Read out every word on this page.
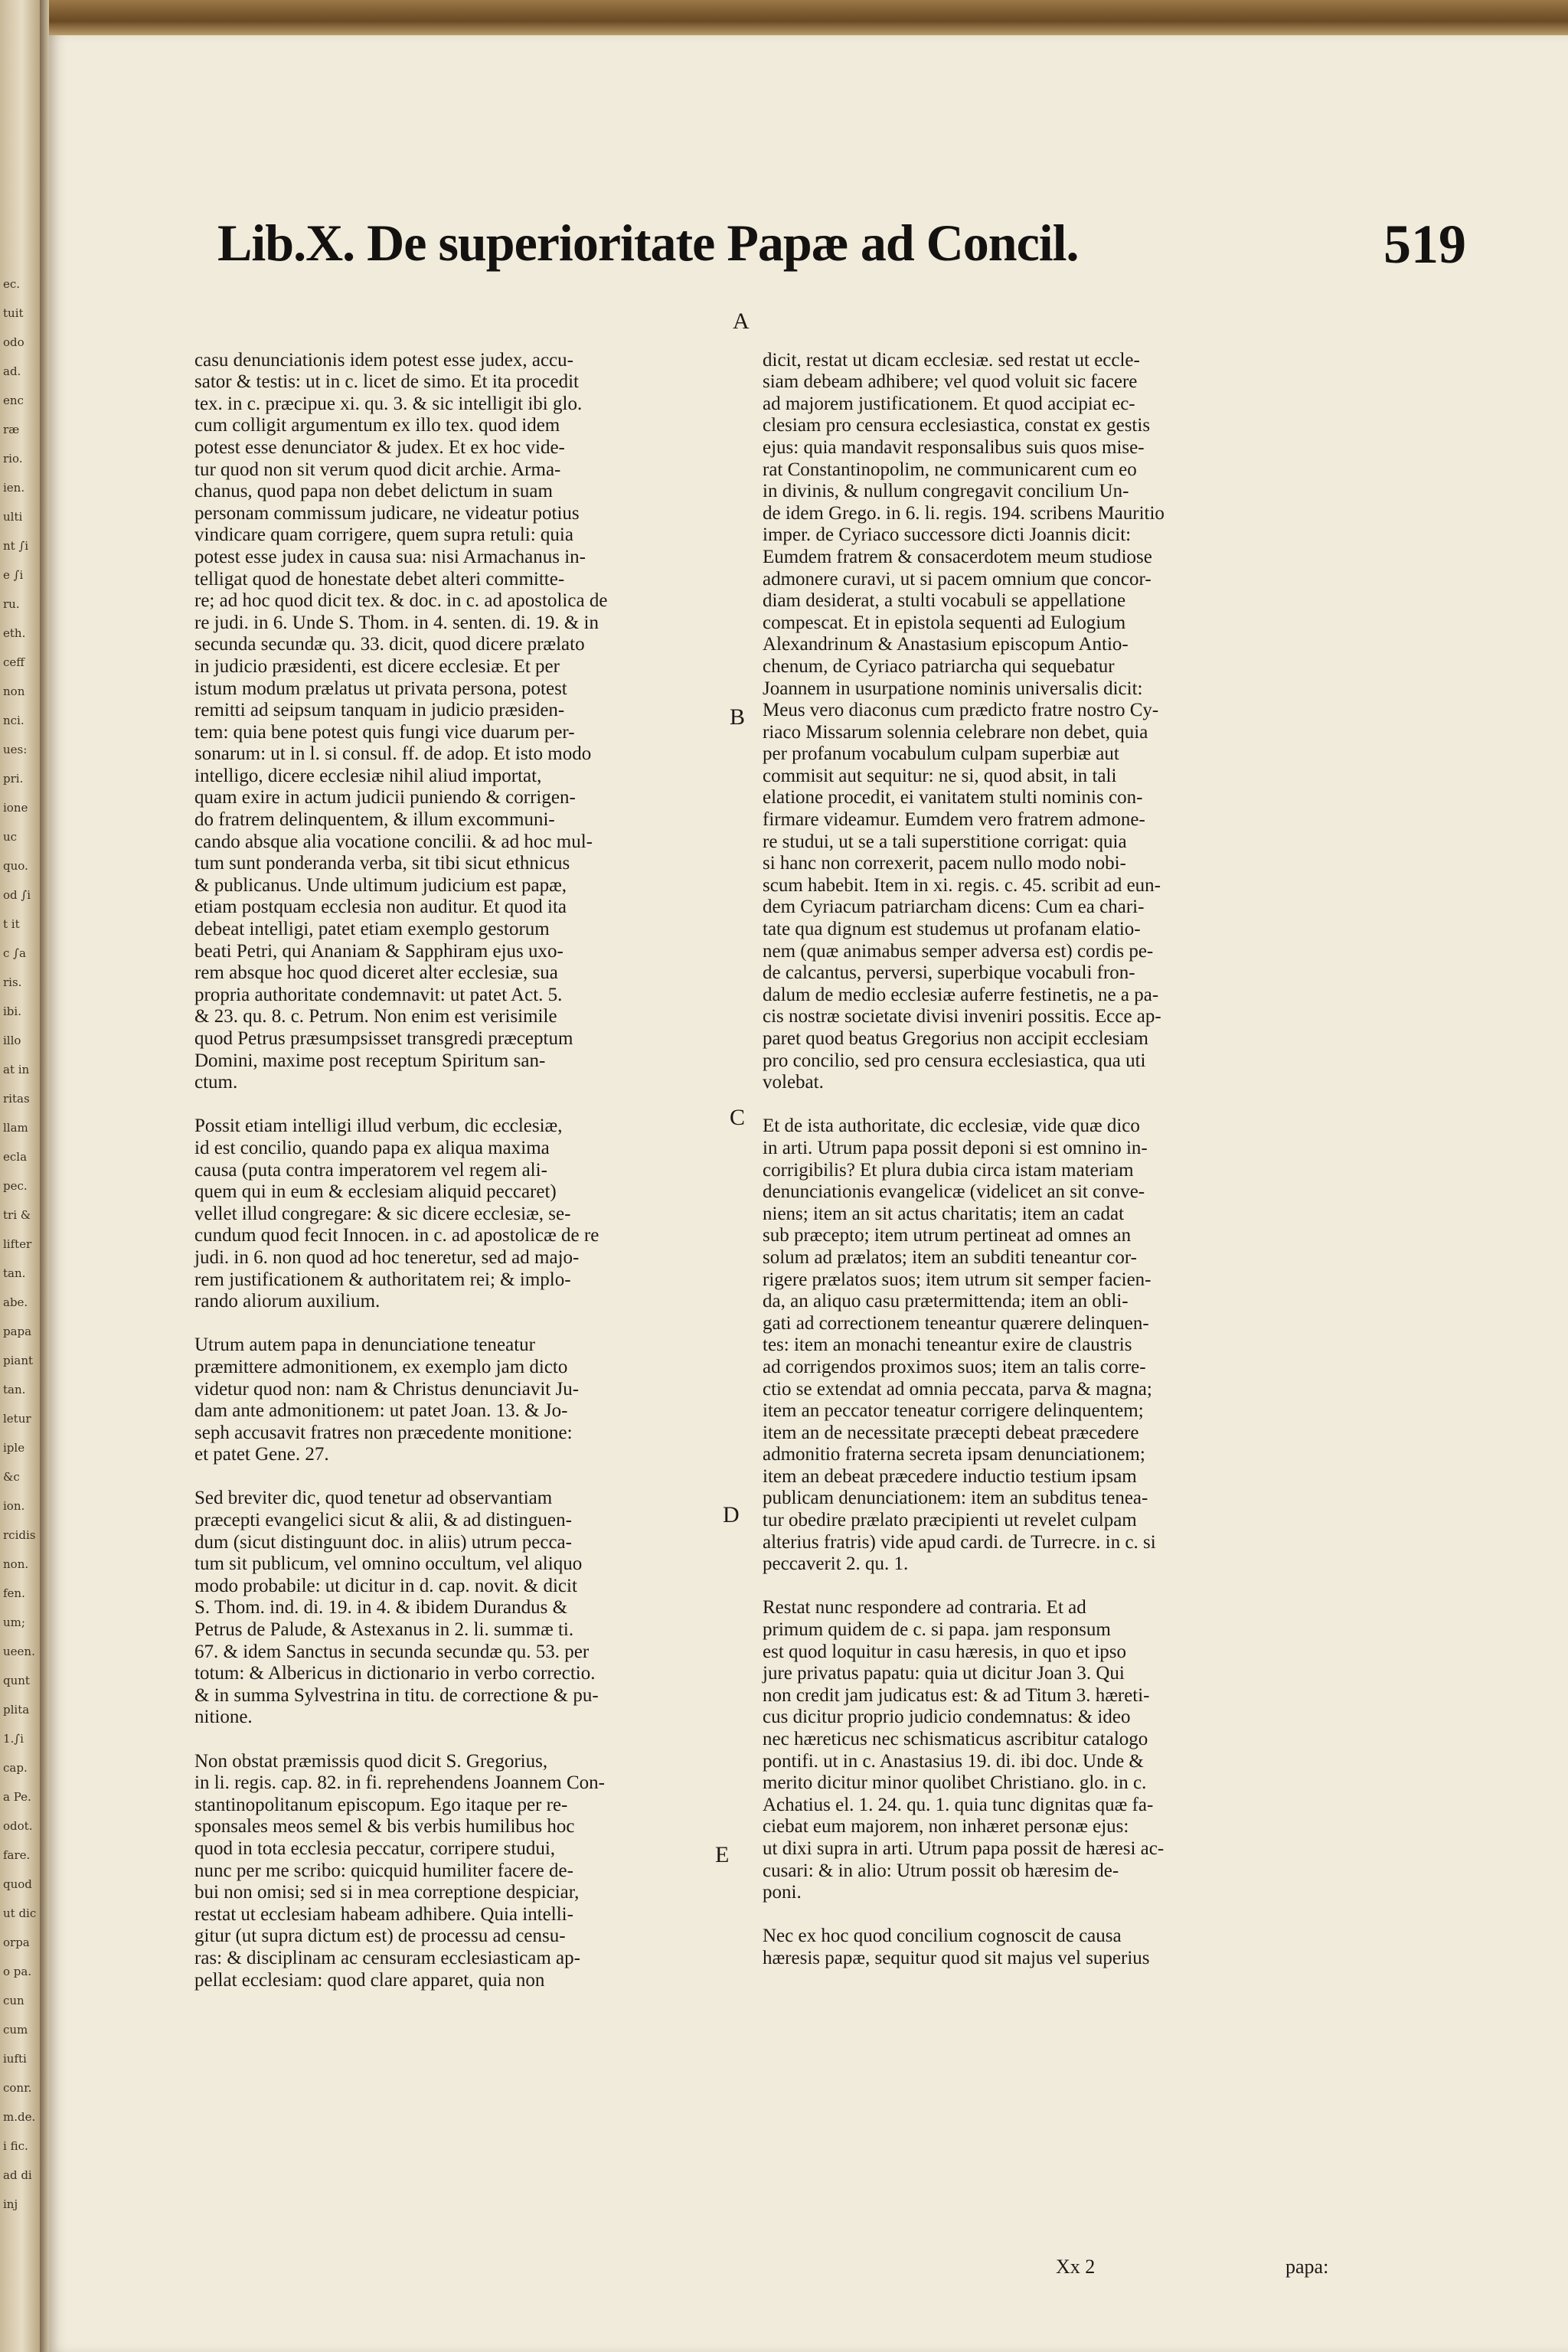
ec.
tuit
odo
ad.
enc
ræ
rio.
ien.
ulti
nt ∫i
e ∫i
ru.
eth.
ceff
non
nci.
ues:
pri.
ione
uc
quo.
od ∫i
t it
c ∫a
ris.
ibi.
illo
at in
ritas
llam
ecla
pec.
tri &
lifter
tan.
abe.
papa
piant
tan.
letur
iple
&c
ion.
rcidis
non.
fen.
um;
ueen.
qunt
plita
1.∫i
cap.
a Pe.
odot.
fare.
quod
ut dic
orpa
o pa.
cun
cum
iufti
conr.
m.de.
i fic.
ad di
inj
Lib.X. De superioritate Papæ ad Concil.	519

casu denunciationis idem potest esse judex, accu-
sator & testis: ut in c. licet de simo. Et ita procedit
tex. in c. præcipue xi. qu. 3. & sic intelligit ibi glo.
cum colligit argumentum ex illo tex. quod idem
potest esse denunciator & judex. Et ex hoc vide-
tur quod non sit verum quod dicit archie. Arma-
chanus, quod papa non debet delictum in suam
personam commissum judicare, ne videatur potius
vindicare quam corrigere, quem supra retuli: quia
potest esse judex in causa sua: nisi Armachanus in-
telligat quod de honestate debet alteri committe-
re; ad hoc quod dicit tex. & doc. in c. ad apostolica de
re judi. in 6. Unde S. Thom. in 4. senten. di. 19. & in
secunda secundæ qu. 33. dicit, quod dicere prælato
in judicio præsidenti, est dicere ecclesiæ. Et per
istum modum prælatus ut privata persona, potest
remitti ad seipsum tanquam in judicio præsiden-
tem: quia bene potest quis fungi vice duarum per-
sonarum: ut in l. si consul. ff. de adop. Et isto modo
intelligo, dicere ecclesiæ nihil aliud importat,
quam exire in actum judicii puniendo & corrigen-
do fratrem delinquentem, & illum excommuni-
cando absque alia vocatione concilii. & ad hoc mul-
tum sunt ponderanda verba, sit tibi sicut ethnicus
& publicanus. Unde ultimum judicium est papæ,
etiam postquam ecclesia non auditur. Et quod ita
debeat intelligi, patet etiam exemplo gestorum
beati Petri, qui Ananiam & Sapphiram ejus uxo-
rem absque hoc quod diceret alter ecclesiæ, sua
propria authoritate condemnavit: ut patet Act. 5.
& 23. qu. 8. c. Petrum. Non enim est verisimile
quod Petrus præsumpsisset transgredi præceptum
Domini, maxime post receptum Spiritum san-
ctum.

Possit etiam intelligi illud verbum, dic ecclesiæ,
id est concilio, quando papa ex aliqua maxima
causa (puta contra imperatorem vel regem ali-
quem qui in eum & ecclesiam aliquid peccaret)
vellet illud congregare: & sic dicere ecclesiæ, se-
cundum quod fecit Innocen. in c. ad apostolicæ de re
judi. in 6. non quod ad hoc teneretur, sed ad majo-
rem justificationem & authoritatem rei; & implo-
rando aliorum auxilium.

Utrum autem papa in denunciatione teneatur
præmittere admonitionem, ex exemplo jam dicto
videtur quod non: nam & Christus denunciavit Ju-
dam ante admonitionem: ut patet Joan. 13. & Jo-
seph accusavit fratres non præcedente monitione:
et patet Gene. 27.

Sed breviter dic, quod tenetur ad observantiam
præcepti evangelici sicut & alii, & ad distinguen-
dum (sicut distinguunt doc. in aliis) utrum pecca-
tum sit publicum, vel omnino occultum, vel aliquo
modo probabile: ut dicitur in d. cap. novit. & dicit
S. Thom. ind. di. 19. in 4. & ibidem Durandus &
Petrus de Palude, & Astexanus in 2. li. summæ ti.
67. & idem Sanctus in secunda secundæ qu. 53. per
totum: & Albericus in dictionario in verbo correctio.
& in summa Sylvestrina in titu. de correctione & pu-
nitione.

Non obstat præmissis quod dicit S. Gregorius,
in li. regis. cap. 82. in fi. reprehendens Joannem Con-
stantinopolitanum episcopum. Ego itaque per re-
sponsales meos semel & bis verbis humilibus hoc
quod in tota ecclesia peccatur, corripere studui,
nunc per me scribo: quicquid humiliter facere de-
bui non omisi; sed si in mea correptione despiciar,
restat ut ecclesiam habeam adhibere. Quia intelli-
gitur (ut supra dictum est) de processu ad censu-
ras: & disciplinam ac censuram ecclesiasticam ap-
pellat ecclesiam: quod clare apparet, quia non

A
B
C
D
E

dicit, restat ut dicam ecclesiæ. sed restat ut eccle-
siam debeam adhibere; vel quod voluit sic facere
ad majorem justificationem. Et quod accipiat ec-
clesiam pro censura ecclesiastica, constat ex gestis
ejus: quia mandavit responsalibus suis quos mise-
rat Constantinopolim, ne communicarent cum eo
in divinis, & nullum congregavit concilium Un-
de idem Grego. in 6. li. regis. 194. scribens Mauritio
imper. de Cyriaco successore dicti Joannis dicit:
Eumdem fratrem & consacerdotem meum studiose
admonere curavi, ut si pacem omnium que concor-
diam desiderat, a stulti vocabuli se appellatione
compescat. Et in epistola sequenti ad Eulogium
Alexandrinum & Anastasium episcopum Antio-
chenum, de Cyriaco patriarcha qui sequebatur
Joannem in usurpatione nominis universalis dicit:
Meus vero diaconus cum prædicto fratre nostro Cy-
riaco Missarum solennia celebrare non debet, quia
per profanum vocabulum culpam superbiæ aut
commisit aut sequitur: ne si, quod absit, in tali
elatione procedit, ei vanitatem stulti nominis con-
firmare videamur. Eumdem vero fratrem admone-
re studui, ut se a tali superstitione corrigat: quia
si hanc non correxerit, pacem nullo modo nobi-
scum habebit. Item in xi. regis. c. 45. scribit ad eun-
dem Cyriacum patriarcham dicens: Cum ea chari-
tate qua dignum est studemus ut profanam elatio-
nem (quæ animabus semper adversa est) cordis pe-
de calcantus, perversi, superbique vocabuli fron-
dalum de medio ecclesiæ auferre festinetis, ne a pa-
cis nostræ societate divisi inveniri possitis. Ecce ap-
paret quod beatus Gregorius non accipit ecclesiam
pro concilio, sed pro censura ecclesiastica, qua uti
volebat.

Et de ista authoritate, dic ecclesiæ, vide quæ dico
in arti. Utrum papa possit deponi si est omnino in-
corrigibilis? Et plura dubia circa istam materiam
denunciationis evangelicæ (videlicet an sit conve-
niens; item an sit actus charitatis; item an cadat
sub præcepto; item utrum pertineat ad omnes an
solum ad prælatos; item an subditi teneantur cor-
rigere prælatos suos; item utrum sit semper facien-
da, an aliquo casu prætermittenda; item an obli-
gati ad correctionem teneantur quærere delinquen-
tes: item an monachi teneantur exire de claustris
ad corrigendos proximos suos; item an talis corre-
ctio se extendat ad omnia peccata, parva & magna;
item an peccator teneatur corrigere delinquentem;
item an de necessitate præcepti debeat præcedere
admonitio fraterna secreta ipsam denunciationem;
item an debeat præcedere inductio testium ipsam
publicam denunciationem: item an subditus tenea-
tur obedire prælato præcipienti ut revelet culpam
alterius fratris) vide apud cardi. de Turrecre. in c. si
peccaverit 2. qu. 1.

Restat nunc respondere ad contraria. Et ad
primum quidem de c. si papa. jam responsum
est quod loquitur in casu hæresis, in quo et ipso
jure privatus papatu: quia ut dicitur Joan 3. Qui
non credit jam judicatus est: & ad Titum 3. hæreti-
cus dicitur proprio judicio condemnatus: & ideo
nec hæreticus nec schismaticus ascribitur catalogo
pontifi. ut in c. Anastasius 19. di. ibi doc. Unde &
merito dicitur minor quolibet Christiano. glo. in c.
Achatius el. 1. 24. qu. 1. quia tunc dignitas quæ fa-
ciebat eum majorem, non inhæret personæ ejus:
ut dixi supra in arti. Utrum papa possit de hæresi ac-
cusari: & in alio: Utrum possit ob hæresim de-
poni.

Nec ex hoc quod concilium cognoscit de causa
hæresis papæ, sequitur quod sit majus vel superius

Xx 2	papa:
